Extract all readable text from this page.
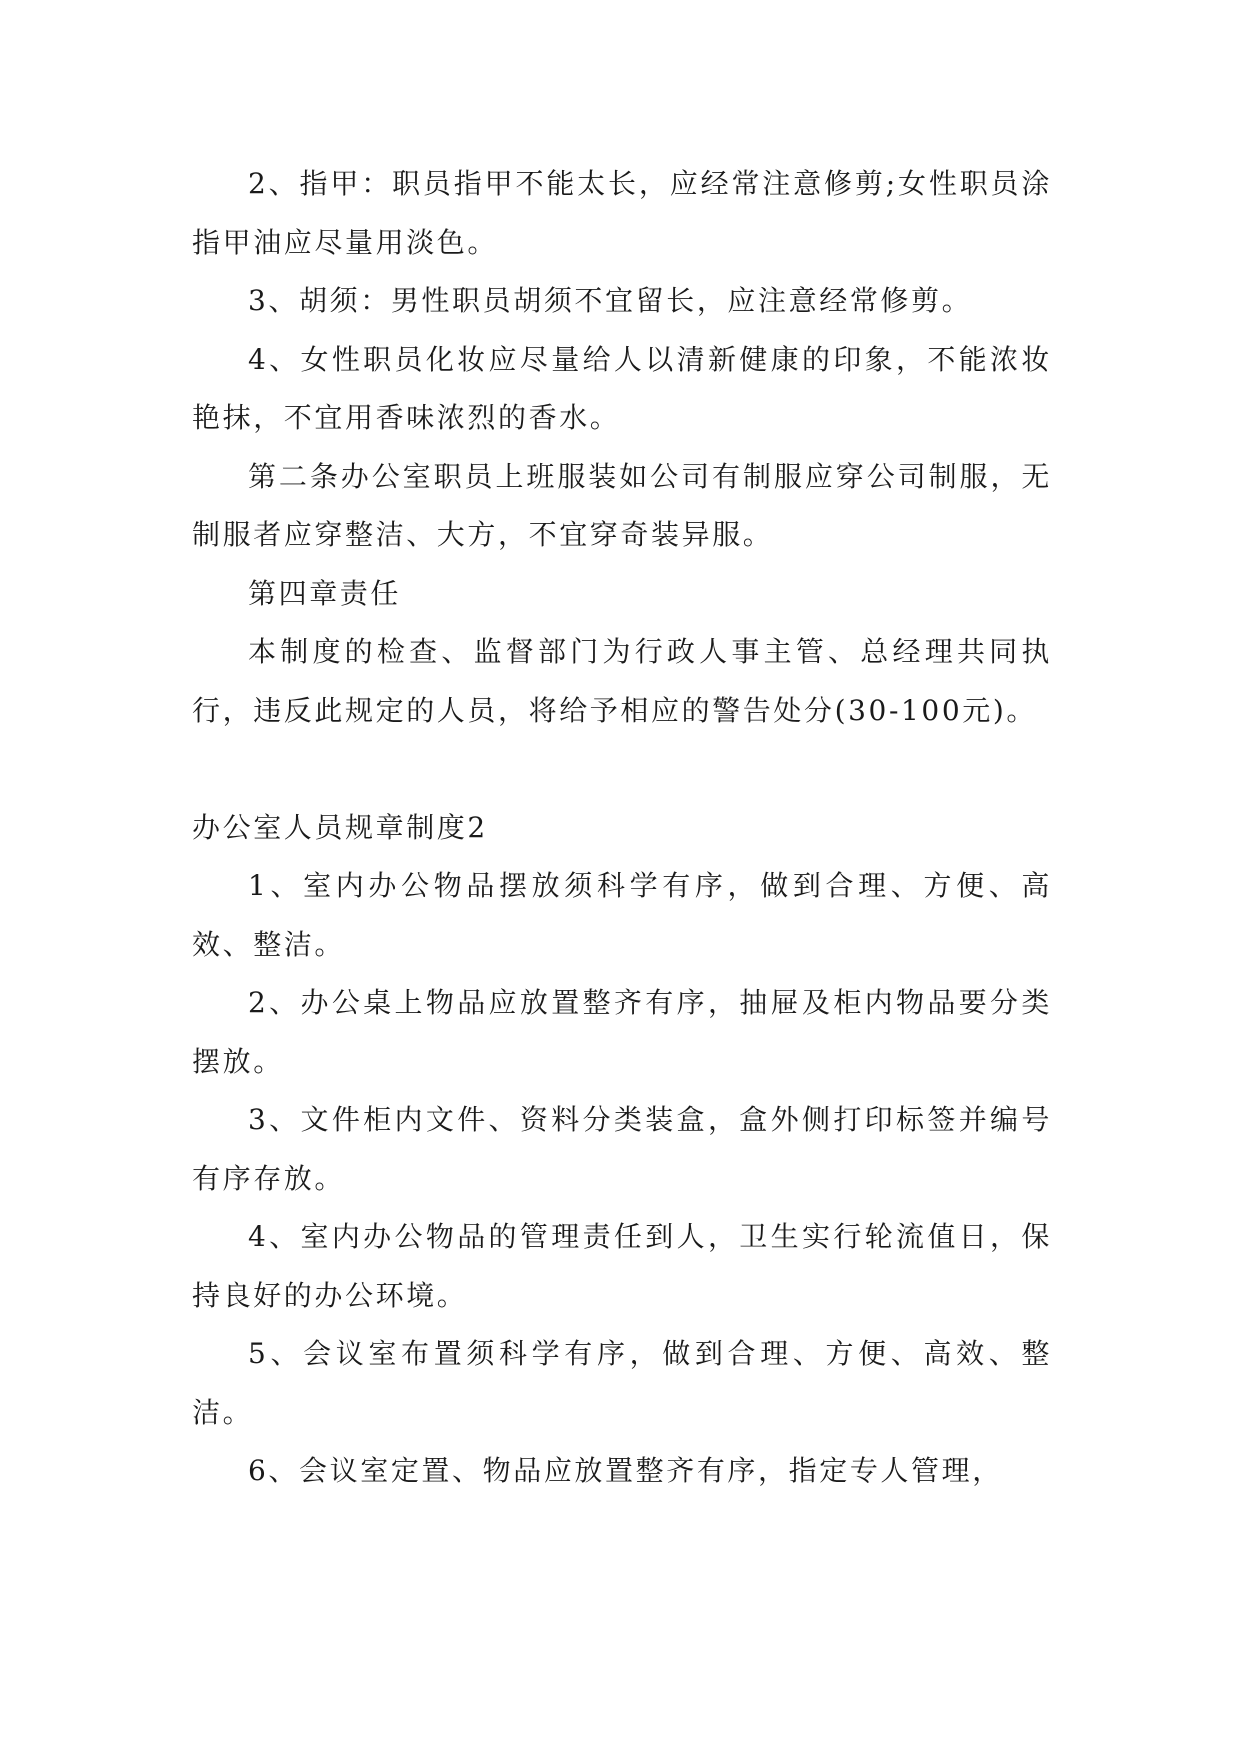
2、指甲：职员指甲不能太长，应经常注意修剪;女性职员涂指甲油应尽量用淡色。

3、胡须：男性职员胡须不宜留长，应注意经常修剪。

4、女性职员化妆应尽量给人以清新健康的印象，不能浓妆艳抹，不宜用香味浓烈的香水。

第二条办公室职员上班服装如公司有制服应穿公司制服，无制服者应穿整洁、大方，不宜穿奇装异服。

第四章责任

本制度的检查、监督部门为行政人事主管、总经理共同执行，违反此规定的人员，将给予相应的警告处分(30-100元)。

办公室人员规章制度2

1、室内办公物品摆放须科学有序，做到合理、方便、高效、整洁。

2、办公桌上物品应放置整齐有序，抽屉及柜内物品要分类摆放。

3、文件柜内文件、资料分类装盒，盒外侧打印标签并编号有序存放。

4、室内办公物品的管理责任到人，卫生实行轮流值日，保持良好的办公环境。

5、会议室布置须科学有序，做到合理、方便、高效、整洁。

6、会议室定置、物品应放置整齐有序，指定专人管理，
